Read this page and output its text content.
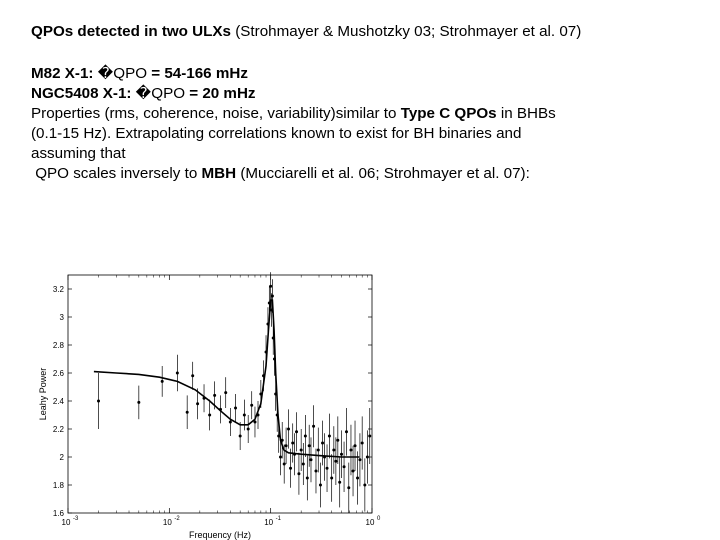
QPOs detected in two ULXs (Strohmayer & Mushotzky 03; Strohmayer et al. 07)
M82 X-1: �QPO = 54-166 mHz
NGC5408 X-1: �QPO = 20 mHz
Properties (rms, coherence, noise, variability)similar to Type C QPOs in BHBs
(0.1-15 Hz). Extrapolating correlations known to exist for BH binaries and
assuming that
QPO scales inversely to MBH (Mucciarelli et al. 06; Strohmayer et al. 07):
1.6
1.8
2
2.2
2.4
2.6
2.8
3
3.2
10 -3	10 -2	10 -1	10 0
Frequency (Hz)
Leahy Power
